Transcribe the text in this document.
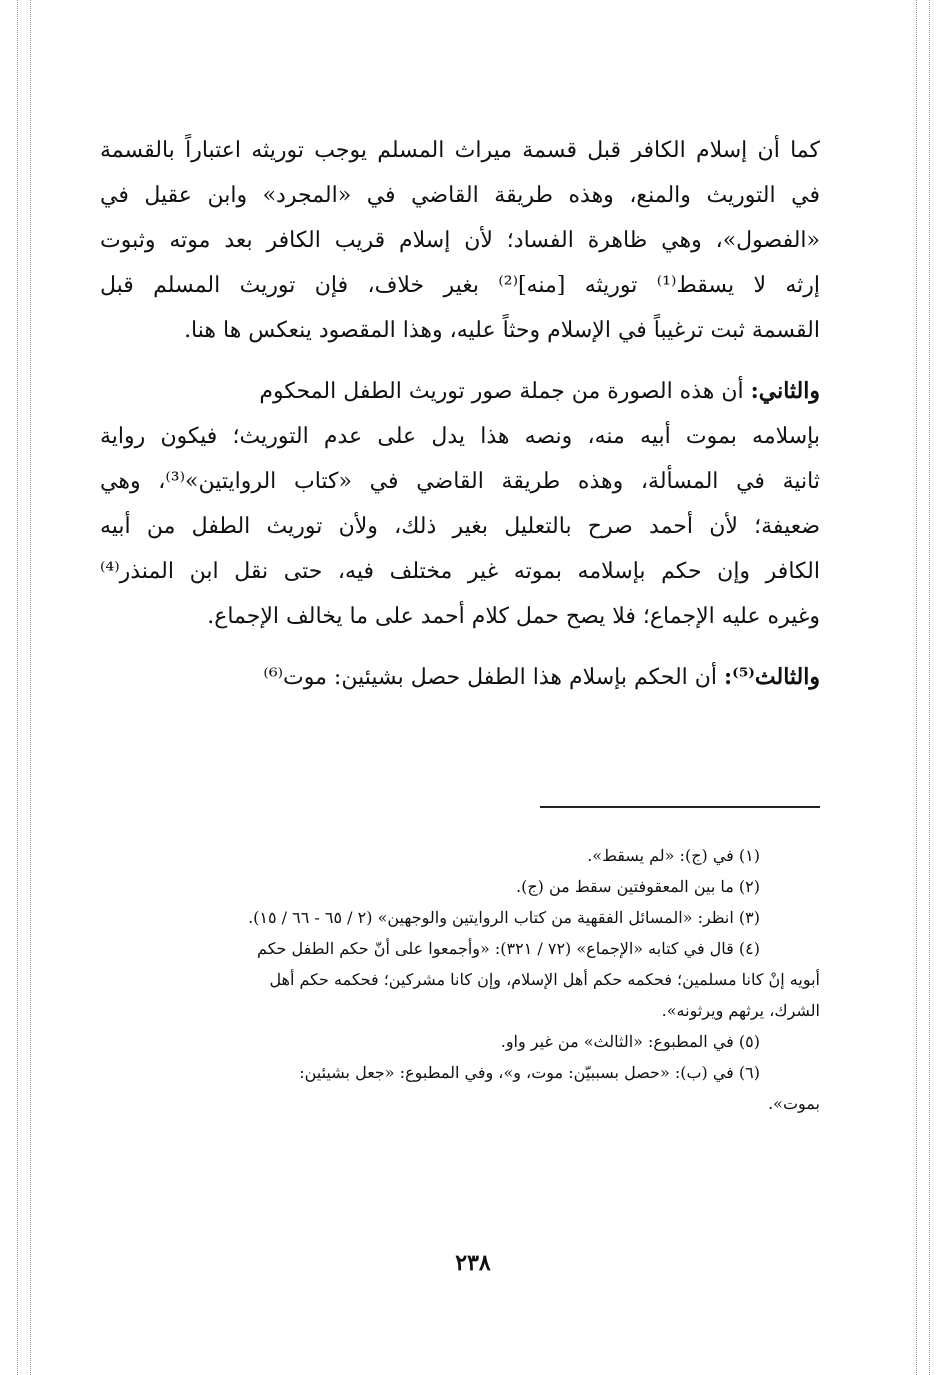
كما أن إسلام الكافر قبل قسمة ميراث المسلم يوجب توريثه اعتباراً بالقسمة
في التوريث والمنع، وهذه طريقة القاضي في «المجرد» وابن عقيل في
«الفصول»، وهي ظاهرة الفساد؛ لأن إسلام قريب الكافر بعد موته وثبوت
إرثه لا يسقط⁽¹⁾ توريثه [منه]⁽²⁾ بغير خلاف، فإن توريث المسلم قبل
القسمة ثبت ترغيباً في الإسلام وحثاً عليه، وهذا المقصود ينعكس ها هنا.
والثاني: أن هذه الصورة من جملة صور توريث الطفل المحكوم
بإسلامه بموت أبيه منه، ونصه هذا يدل على عدم التوريث؛ فيكون رواية
ثانية في المسألة، وهذه طريقة القاضي في «كتاب الروايتين»⁽³⁾، وهي
ضعيفة؛ لأن أحمد صرح بالتعليل بغير ذلك، ولأن توريث الطفل من أبيه
الكافر وإن حكم بإسلامه بموته غير مختلف فيه، حتى نقل ابن المنذر⁽⁴⁾
وغيره عليه الإجماع؛ فلا يصح حمل كلام أحمد على ما يخالف الإجماع.
والثالث⁽⁵⁾: أن الحكم بإسلام هذا الطفل حصل بشيئين: موت⁽⁶⁾
(١) في (ج): «لم يسقط».
(٢) ما بين المعقوفتين سقط من (ج).
(٣) انظر: «المسائل الفقهية من كتاب الروايتين والوجهين» (٢ / ٦٥ - ٦٦ / ١٥).
(٤) قال في كتابه «الإجماع» (٧٢ / ٣٢١): «وأجمعوا على أنّ حكم الطفل حكم
أبويه إنْ كانا مسلمين؛ فحكمه حكم أهل الإسلام، وإن كانا مشركين؛ فحكمه حكم أهل
الشرك، يرثهم ويرثونه».
(٥) في المطبوع: «الثالث» من غير واو.
(٦) في (ب): «حصل بسببيّن: موت، و»، وفي المطبوع: «جعل بشيئين:
بموت».
٢٣٨
